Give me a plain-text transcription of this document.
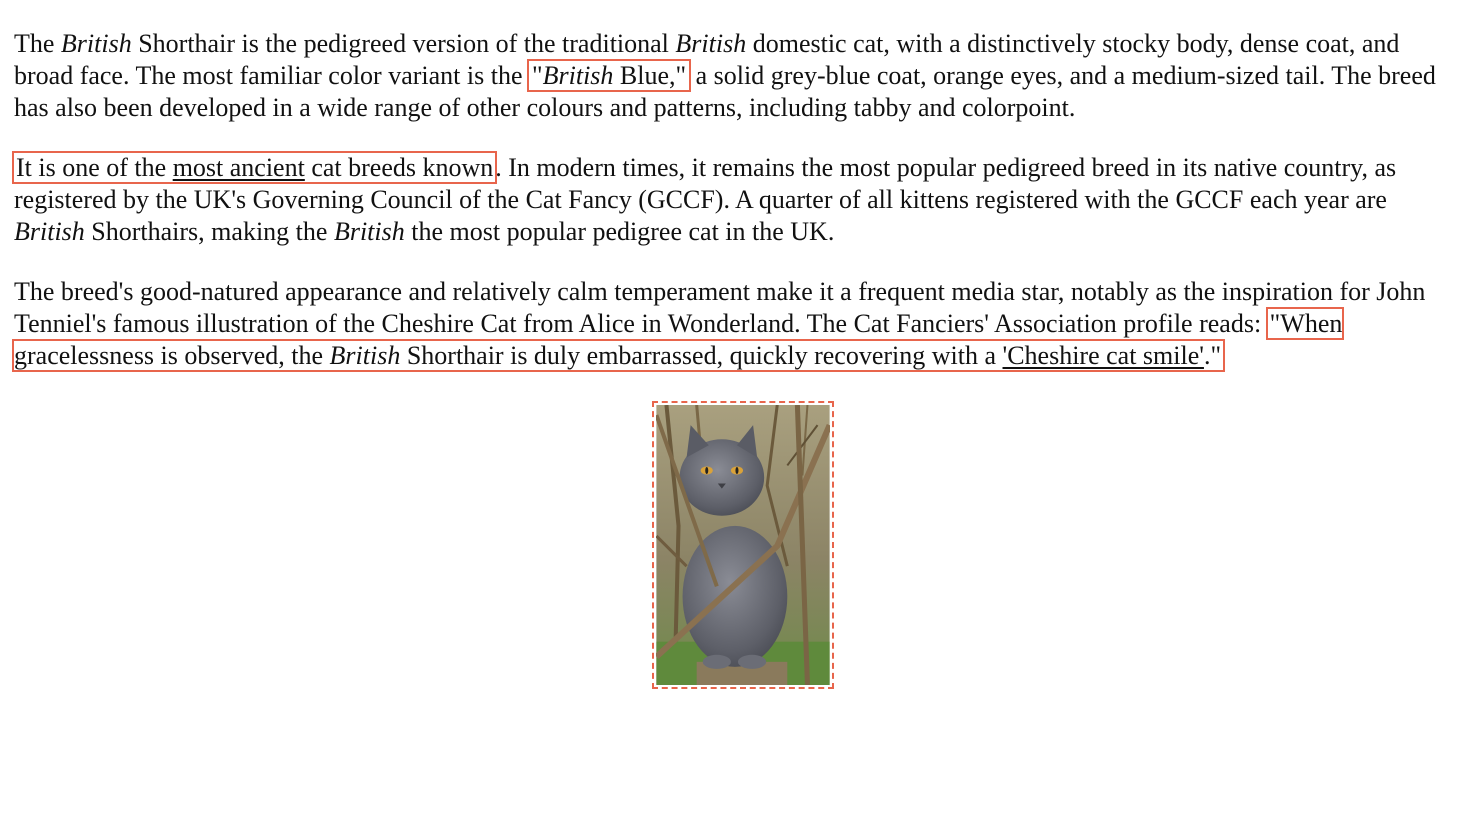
The British Shorthair is the pedigreed version of the traditional British domestic cat, with a distinctively stocky body, dense coat, and broad face. The most familiar color variant is the "British Blue," a solid grey-blue coat, orange eyes, and a medium-sized tail. The breed has also been developed in a wide range of other colours and patterns, including tabby and colorpoint.

It is one of the most ancient cat breeds known. In modern times, it remains the most popular pedigreed breed in its native country, as registered by the UK's Governing Council of the Cat Fancy (GCCF). A quarter of all kittens registered with the GCCF each year are British Shorthairs, making the British the most popular pedigree cat in the UK.

The breed's good-natured appearance and relatively calm temperament make it a frequent media star, notably as the inspiration for John Tenniel's famous illustration of the Cheshire Cat from Alice in Wonderland. The Cat Fanciers' Association profile reads: "When gracelessness is observed, the British Shorthair is duly embarrassed, quickly recovering with a 'Cheshire cat smile'."
